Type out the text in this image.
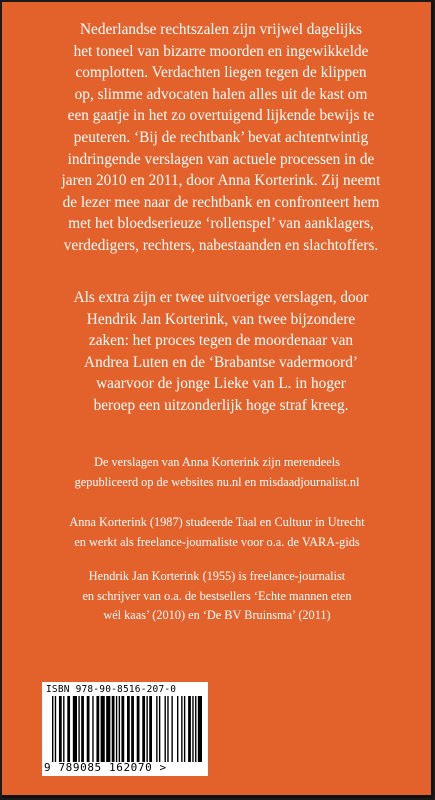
Nederlandse rechtszalen zijn vrijwel dagelijks
het toneel van bizarre moorden en ingewikkelde
complotten. Verdachten liegen tegen de klippen
op, slimme advocaten halen alles uit de kast om
een gaatje in het zo overtuigend lijkende bewijs te
peuteren. ‘Bij de rechtbank’ bevat achtentwintig
indringende verslagen van actuele processen in de
jaren 2010 en 2011, door Anna Korterink. Zij neemt
de lezer mee naar de rechtbank en confronteert hem
met het bloedserieuze ‘rollenspel’ van aanklagers,
verdedigers, rechters, nabestaanden en slachtoffers.

Als extra zijn er twee uitvoerige verslagen, door
Hendrik Jan Korterink, van twee bijzondere
zaken: het proces tegen de moordenaar van
Andrea Luten en de ‘Brabantse vadermoord’
waarvoor de jonge Lieke van L. in hoger
beroep een uitzonderlijk hoge straf kreeg.

De verslagen van Anna Korterink zijn merendeels
gepubliceerd op de websites nu.nl en misdaadjournalist.nl

Anna Korterink (1987) studeerde Taal en Cultuur in Utrecht
en werkt als freelance-journaliste voor o.a. de VARA-gids

Hendrik Jan Korterink (1955) is freelance-journalist
en schrijver van o.a. de bestsellers ‘Echte mannen eten
wél kaas’ (2010) en ‘De BV Bruinsma’ (2011)

ISBN 978-90-8516-207-0
9 789085 162070 >
